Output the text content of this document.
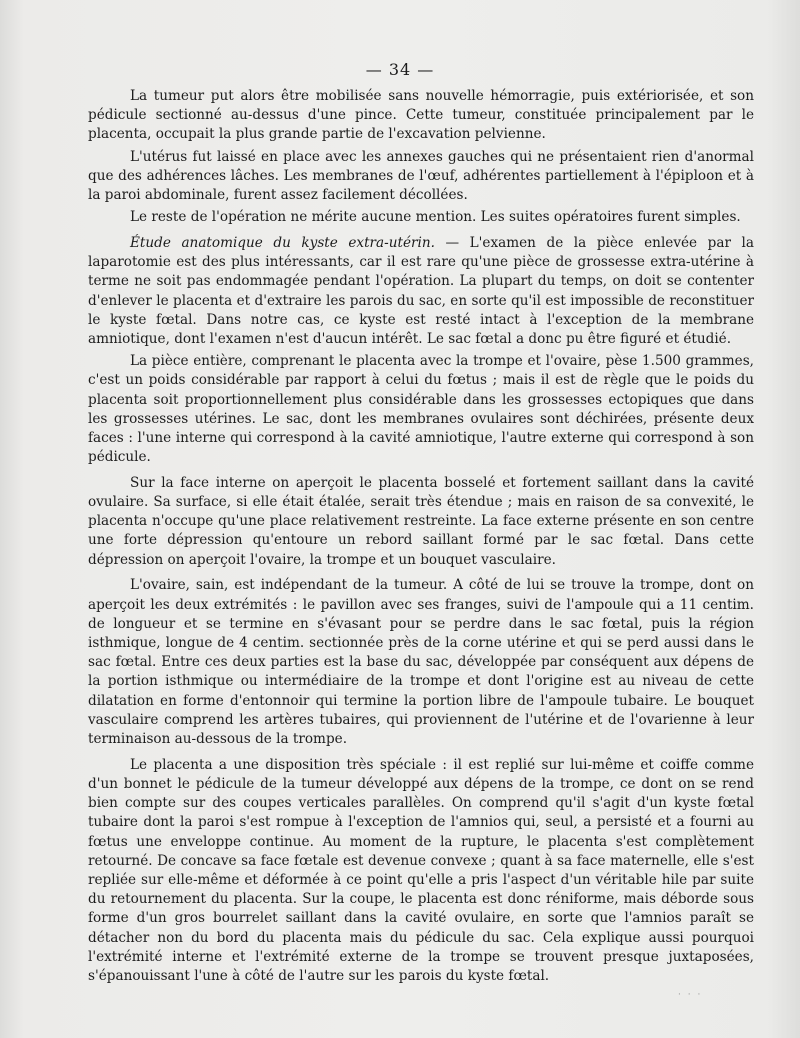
— 34 —

La tumeur put alors être mobilisée sans nouvelle hémorragie, puis extériorisée, et son pédicule sectionné au-dessus d'une pince. Cette tumeur, constituée principalement par le placenta, occupait la plus grande partie de l'excavation pelvienne.

L'utérus fut laissé en place avec les annexes gauches qui ne présentaient rien d'anormal que des adhérences lâches. Les membranes de l'œuf, adhérentes partiellement à l'épiploon et à la paroi abdominale, furent assez facilement décollées.

Le reste de l'opération ne mérite aucune mention. Les suites opératoires furent simples.

Étude anatomique du kyste extra-utérin. — L'examen de la pièce enlevée par la laparotomie est des plus intéressants, car il est rare qu'une pièce de grossesse extra-utérine à terme ne soit pas endommagée pendant l'opération. La plupart du temps, on doit se contenter d'enlever le placenta et d'extraire les parois du sac, en sorte qu'il est impossible de reconstituer le kyste fœtal. Dans notre cas, ce kyste est resté intact à l'exception de la membrane amniotique, dont l'examen n'est d'aucun intérêt. Le sac fœtal a donc pu être figuré et étudié.

La pièce entière, comprenant le placenta avec la trompe et l'ovaire, pèse 1.500 grammes, c'est un poids considérable par rapport à celui du fœtus ; mais il est de règle que le poids du placenta soit proportionnellement plus considérable dans les grossesses ectopiques que dans les grossesses utérines. Le sac, dont les membranes ovulaires sont déchirées, présente deux faces : l'une interne qui correspond à la cavité amniotique, l'autre externe qui correspond à son pédicule.

Sur la face interne on aperçoit le placenta bosselé et fortement saillant dans la cavité ovulaire. Sa surface, si elle était étalée, serait très étendue ; mais en raison de sa convexité, le placenta n'occupe qu'une place relativement restreinte. La face externe présente en son centre une forte dépression qu'entoure un rebord saillant formé par le sac fœtal. Dans cette dépression on aperçoit l'ovaire, la trompe et un bouquet vasculaire.

L'ovaire, sain, est indépendant de la tumeur. A côté de lui se trouve la trompe, dont on aperçoit les deux extrémités : le pavillon avec ses franges, suivi de l'ampoule qui a 11 centim. de longueur et se termine en s'évasant pour se perdre dans le sac fœtal, puis la région isthmique, longue de 4 centim. sectionnée près de la corne utérine et qui se perd aussi dans le sac fœtal. Entre ces deux parties est la base du sac, développée par conséquent aux dépens de la portion isthmique ou intermédiaire de la trompe et dont l'origine est au niveau de cette dilatation en forme d'entonnoir qui termine la portion libre de l'ampoule tubaire. Le bouquet vasculaire comprend les artères tubaires, qui proviennent de l'utérine et de l'ovarienne à leur terminaison au-dessous de la trompe.

Le placenta a une disposition très spéciale : il est replié sur lui-même et coiffe comme d'un bonnet le pédicule de la tumeur développé aux dépens de la trompe, ce dont on se rend bien compte sur des coupes verticales parallèles. On comprend qu'il s'agit d'un kyste fœtal tubaire dont la paroi s'est rompue à l'exception de l'amnios qui, seul, a persisté et a fourni au fœtus une enveloppe continue. Au moment de la rupture, le placenta s'est complètement retourné. De concave sa face fœtale est devenue convexe ; quant à sa face maternelle, elle s'est repliée sur elle-même et déformée à ce point qu'elle a pris l'aspect d'un véritable hile par suite du retournement du placenta. Sur la coupe, le placenta est donc réniforme, mais déborde sous forme d'un gros bourrelet saillant dans la cavité ovulaire, en sorte que l'amnios paraît se détacher non du bord du placenta mais du pédicule du sac. Cela explique aussi pourquoi l'extrémité interne et l'extrémité externe de la trompe se trouvent presque juxtaposées, s'épanouissant l'une à côté de l'autre sur les parois du kyste fœtal.

· · ·
